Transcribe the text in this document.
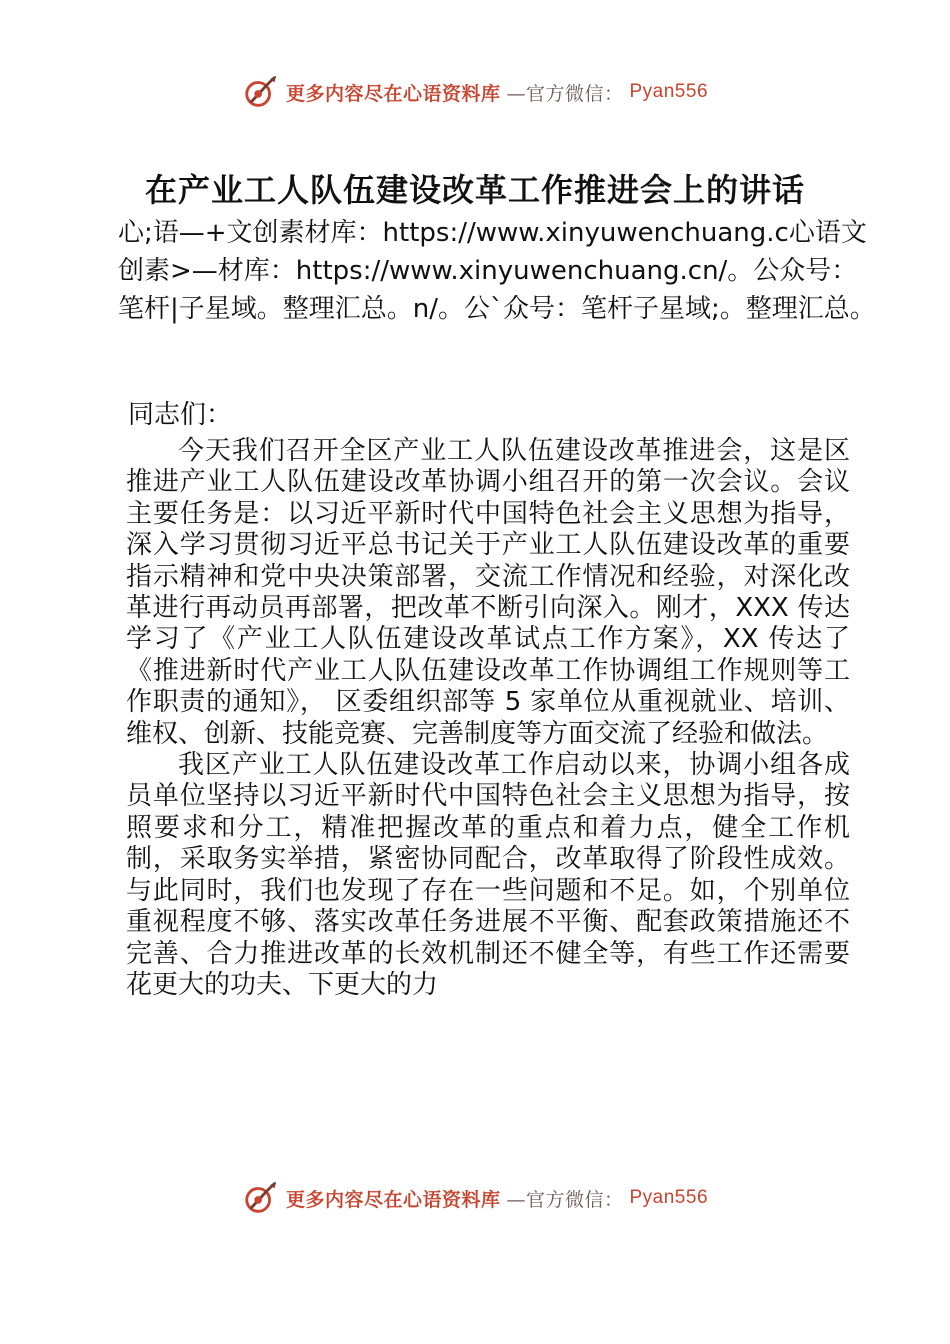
更多内容尽在心语资料库 —官方微信： Pyan556
在产业工人队伍建设改革工作推进会上的讲话
心;语—+文创素材库：https://www.xinyuwenchuang.c心语文创素>—材库：https://www.xinyuwenchuang.cn/。公众号：笔杆|子星域。整理汇总。n/。公`众号：笔杆子星域;。整理汇总。
同志们：

今天我们召开全区产业工人队伍建设改革推进会，这是区推进产业工人队伍建设改革协调小组召开的第一次会议。会议主要任务是：以习近平新时代中国特色社会主义思想为指导，深入学习贯彻习近平总书记关于产业工人队伍建设改革的重要指示精神和党中央决策部署，交流工作情况和经验，对深化改革进行再动员再部署，把改革不断引向深入。刚才，XXX 传达学习了《产业工人队伍建设改革试点工作方案》，XX 传达了《推进新时代产业工人队伍建设改革工作协调组工作规则等工作职责的通知》， 区委组织部等 5 家单位从重视就业、培训、维权、创新、技能竞赛、完善制度等方面交流了经验和做法。

我区产业工人队伍建设改革工作启动以来，协调小组各成员单位坚持以习近平新时代中国特色社会主义思想为指导，按照要求和分工，精准把握改革的重点和着力点，健全工作机制，采取务实举措，紧密协同配合，改革取得了阶段性成效。与此同时，我们也发现了存在一些问题和不足。如，个别单位重视程度不够、落实改革任务进展不平衡、配套政策措施还不完善、合力推进改革的长效机制还不健全等，有些工作还需要花更大的功夫、下更大的力

更多内容尽在心语资料库 —官方微信： Pyan556
